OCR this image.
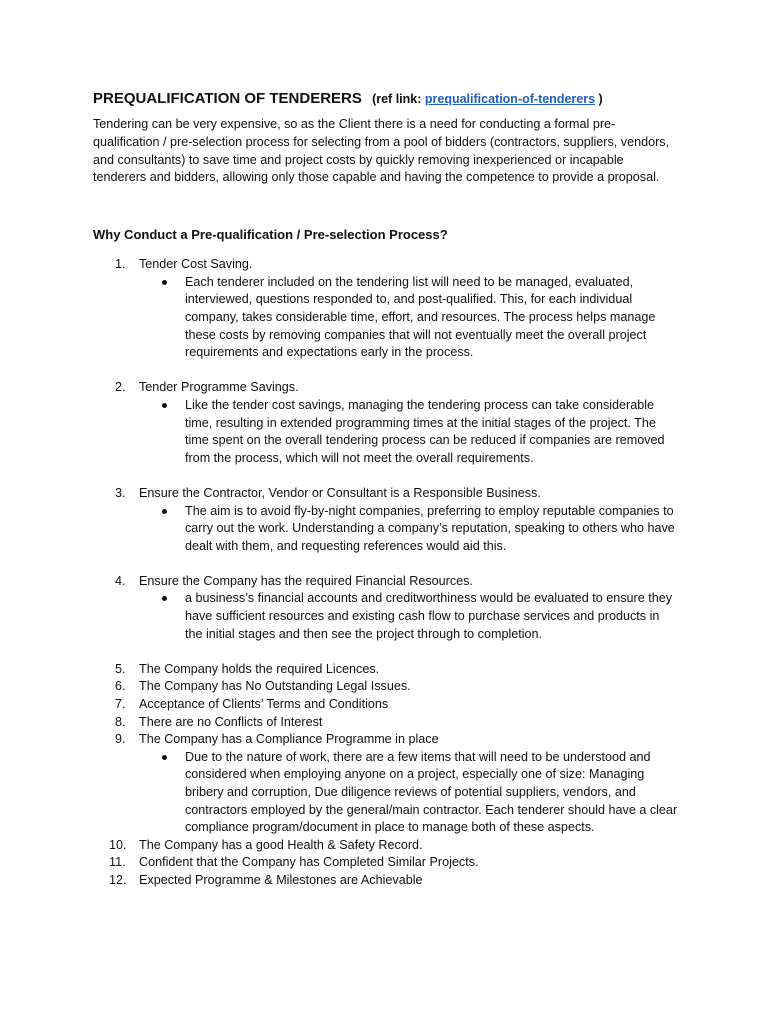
PREQUALIFICATION OF TENDERERS (ref link: prequalification-of-tenderers )

Tendering can be very expensive, so as the Client there is a need for conducting a formal pre-qualification / pre-selection process for selecting from a pool of bidders (contractors, suppliers, vendors, and consultants) to save time and project costs by quickly removing inexperienced or incapable tenderers and bidders, allowing only those capable and having the competence to provide a proposal.

Why Conduct a Pre-qualification / Pre-selection Process?

1.	Tender Cost Saving.
Each tenderer included on the tendering list will need to be managed, evaluated, interviewed, questions responded to, and post-qualified. This, for each individual company, takes considerable time, effort, and resources. The process helps manage these costs by removing companies that will not eventually meet the overall project requirements and expectations early in the process.
2.	Tender Programme Savings.
Like the tender cost savings, managing the tendering process can take considerable time, resulting in extended programming times at the initial stages of the project. The time spent on the overall tendering process can be reduced if companies are removed from the process, which will not meet the overall requirements.
3.	Ensure the Contractor, Vendor or Consultant is a Responsible Business.
The aim is to avoid fly-by-night companies, preferring to employ reputable companies to carry out the work. Understanding a company’s reputation, speaking to others who have dealt with them, and requesting references would aid this.
4.	Ensure the Company has the required Financial Resources.
a business’s financial accounts and creditworthiness would be evaluated to ensure they have sufficient resources and existing cash flow to purchase services and products in the initial stages and then see the project through to completion.
5.	The Company holds the required Licences.
6.	The Company has No Outstanding Legal Issues.
7.	Acceptance of Clients’ Terms and Conditions
8.	There are no Conflicts of Interest
9.	The Company has a Compliance Programme in place
Due to the nature of work, there are a few items that will need to be understood and considered when employing anyone on a project, especially one of size: Managing bribery and corruption, Due diligence reviews of potential suppliers, vendors, and contractors employed by the general/main contractor. Each tenderer should have a clear compliance program/document in place to manage both of these aspects.
10. The Company has a good Health & Safety Record.
11. Confident that the Company has Completed Similar Projects.
12. Expected Programme & Milestones are Achievable
